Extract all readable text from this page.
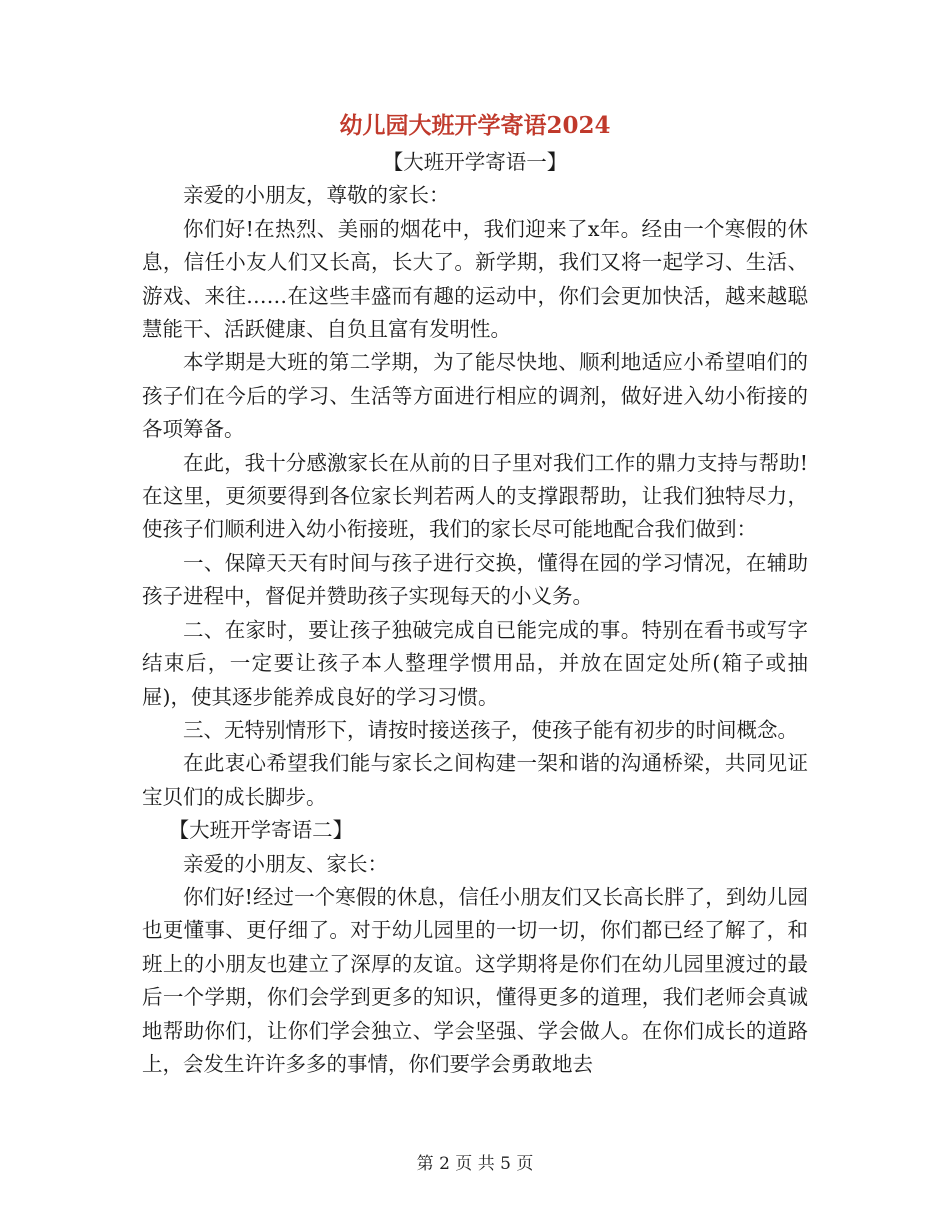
幼儿园大班开学寄语2024

【大班开学寄语一】

亲爱的小朋友，尊敬的家长：

你们好!在热烈、美丽的烟花中，我们迎来了x年。经由一个寒假的休息，信任小友人们又长高，长大了。新学期，我们又将一起学习、生活、游戏、来往……在这些丰盛而有趣的运动中，你们会更加快活，越来越聪慧能干、活跃健康、自负且富有发明性。

本学期是大班的第二学期，为了能尽快地、顺利地适应小希望咱们的孩子们在今后的学习、生活等方面进行相应的调剂，做好进入幼小衔接的各项筹备。

在此，我十分感激家长在从前的日子里对我们工作的鼎力支持与帮助!在这里，更须要得到各位家长判若两人的支撑跟帮助，让我们独特尽力，使孩子们顺利进入幼小衔接班，我们的家长尽可能地配合我们做到：

一、保障天天有时间与孩子进行交换，懂得在园的学习情况，在辅助孩子进程中，督促并赞助孩子实现每天的小义务。

二、在家时，要让孩子独破完成自已能完成的事。特别在看书或写字结束后，一定要让孩子本人整理学惯用品，并放在固定处所(箱子或抽屉)，使其逐步能养成良好的学习习惯。

三、无特别情形下，请按时接送孩子，使孩子能有初步的时间概念。

在此衷心希望我们能与家长之间构建一架和谐的沟通桥梁，共同见证宝贝们的成长脚步。

【大班开学寄语二】

亲爱的小朋友、家长：

你们好!经过一个寒假的休息，信任小朋友们又长高长胖了，到幼儿园也更懂事、更仔细了。对于幼儿园里的一切一切，你们都已经了解了，和班上的小朋友也建立了深厚的友谊。这学期将是你们在幼儿园里渡过的最后一个学期，你们会学到更多的知识，懂得更多的道理，我们老师会真诚地帮助你们，让你们学会独立、学会坚强、学会做人。在你们成长的道路上，会发生许许多多的事情，你们要学会勇敢地去

第 2 页 共 5 页
